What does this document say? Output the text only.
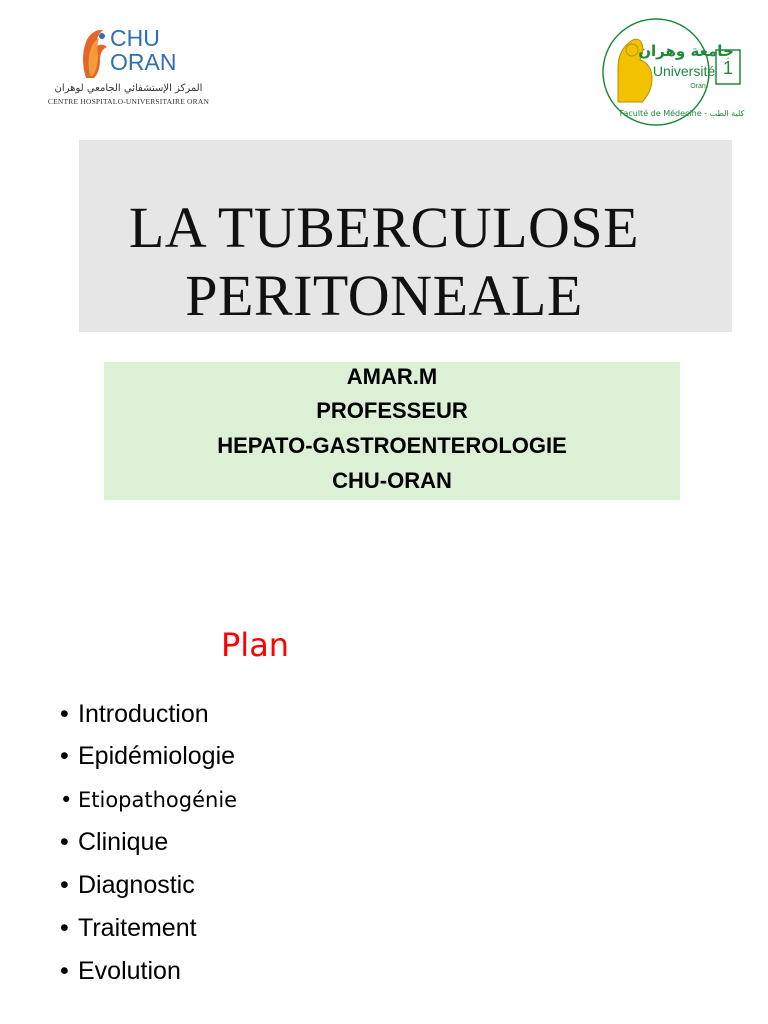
CHU
ORAN
المركز الإستشفائي الجامعي لوهران
CENTRE HOSPITALO-UNIVERSITAIRE ORAN
جامعة وهران
Université
Oran
1
Faculté de Médecine - كلية الطب
LA TUBERCULOSE
PERITONEALE
AMAR.M
PROFESSEUR
HEPATO-GASTROENTEROLOGIE
CHU-ORAN
Plan
• Introduction
• Epidémiologie
• Etiopathogénie
• Clinique
• Diagnostic
• Traitement
• Evolution
